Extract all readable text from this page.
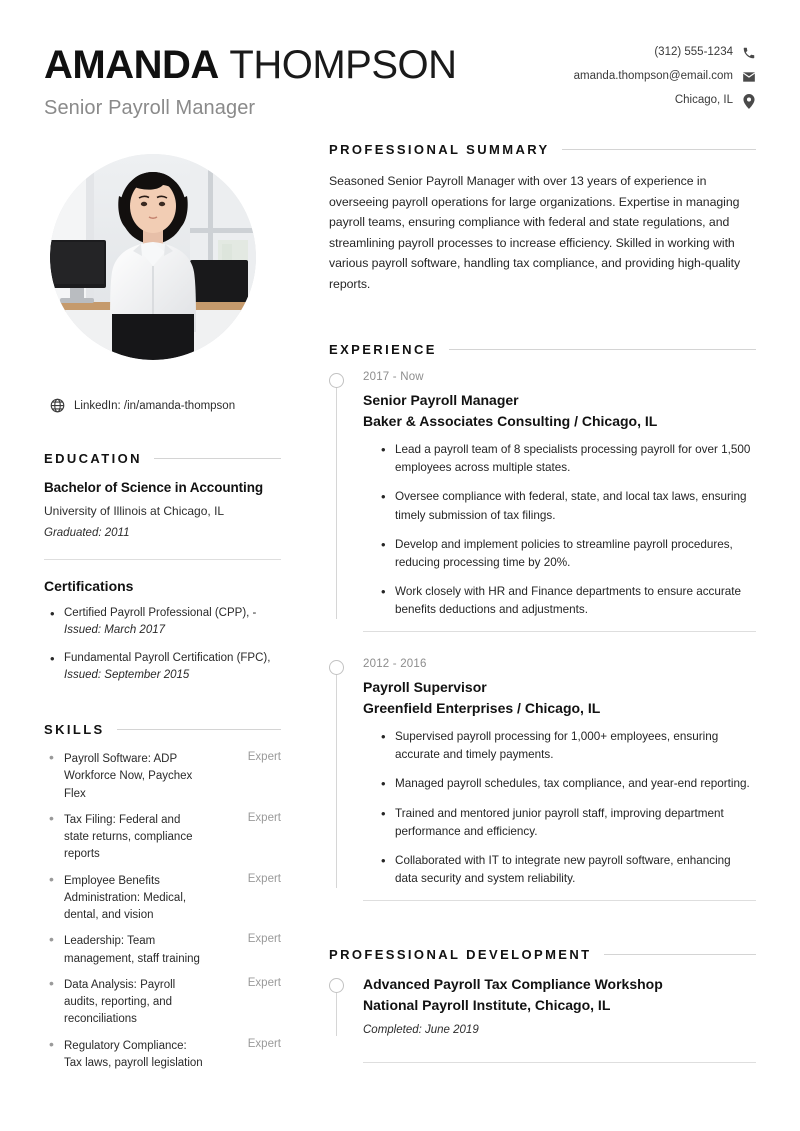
AMANDA THOMPSON
Senior Payroll Manager
(312) 555-1234
amanda.thompson@email.com
Chicago, IL
LinkedIn: /in/amanda-thompson
EDUCATION
Bachelor of Science in Accounting
University of Illinois at Chicago, IL
Graduated: 2011
Certifications
• Certified Payroll Professional (CPP), - Issued: March 2017
• Fundamental Payroll Certification (FPC), Issued: September 2015
SKILLS
• Payroll Software: ADP Workforce Now, Paychex Flex
Expert
• Tax Filing: Federal and state returns, compliance reports
Expert
• Employee Benefits Administration: Medical, dental, and vision
Expert
• Leadership: Team management, staff training
Expert
• Data Analysis: Payroll audits, reporting, and reconciliations
Expert
• Regulatory Compliance: Tax laws, payroll legislation
Expert
PROFESSIONAL SUMMARY

Seasoned Senior Payroll Manager with over 13 years of experience in overseeing payroll operations for large organizations. Expertise in managing payroll teams, ensuring compliance with federal and state regulations, and streamlining payroll processes to increase efficiency. Skilled in working with various payroll software, handling tax compliance, and providing high-quality reports.

EXPERIENCE
2017 - Now
Senior Payroll Manager
Baker & Associates Consulting / Chicago, IL
• Lead a payroll team of 8 specialists processing payroll for over 1,500 employees across multiple states.
• Oversee compliance with federal, state, and local tax laws, ensuring timely submission of tax filings.
• Develop and implement policies to streamline payroll procedures, reducing processing time by 20%.
• Work closely with HR and Finance departments to ensure accurate benefits deductions and adjustments.
2012 - 2016
Payroll Supervisor
Greenfield Enterprises / Chicago, IL
• Supervised payroll processing for 1,000+ employees, ensuring accurate and timely payments.
• Managed payroll schedules, tax compliance, and year-end reporting.
• Trained and mentored junior payroll staff, improving department performance and efficiency.
• Collaborated with IT to integrate new payroll software, enhancing data security and system reliability.
PROFESSIONAL DEVELOPMENT
Advanced Payroll Tax Compliance Workshop
National Payroll Institute, Chicago, IL
Completed: June 2019
